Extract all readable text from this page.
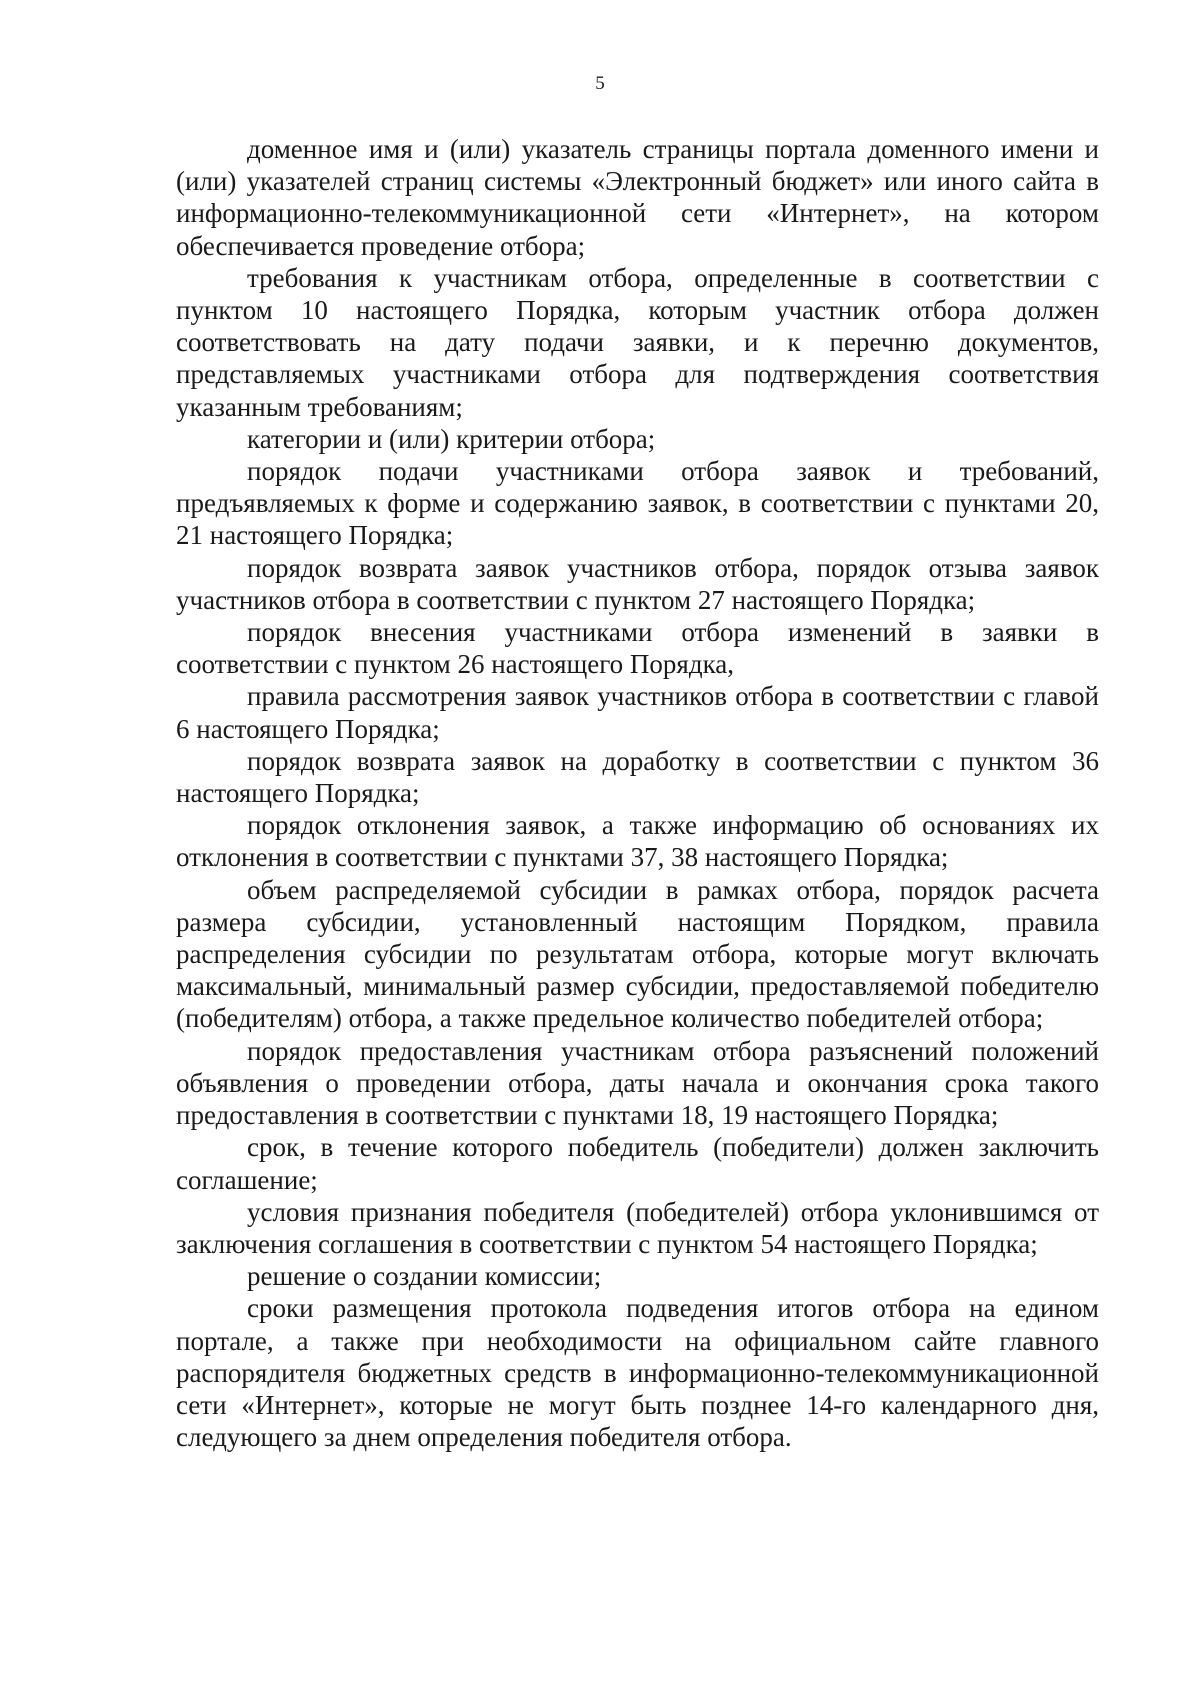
5

доменное имя и (или) указатель страницы портала доменного имени и (или) указателей страниц системы «Электронный бюджет» или иного сайта в информационно-телекоммуникационной сети «Интернет», на котором обеспечивается проведение отбора;

требования к участникам отбора, определенные в соответствии с пунктом 10 настоящего Порядка, которым участник отбора должен соответствовать на дату подачи заявки, и к перечню документов, представляемых участниками отбора для подтверждения соответствия указанным требованиям;

категории и (или) критерии отбора;

порядок подачи участниками отбора заявок и требований, предъявляемых к форме и содержанию заявок, в соответствии с пунктами 20, 21 настоящего Порядка;

порядок возврата заявок участников отбора, порядок отзыва заявок участников отбора в соответствии с пунктом 27 настоящего Порядка;

порядок внесения участниками отбора изменений в заявки в соответствии с пунктом 26 настоящего Порядка,

правила рассмотрения заявок участников отбора в соответствии с главой 6 настоящего Порядка;

порядок возврата заявок на доработку в соответствии с пунктом 36 настоящего Порядка;

порядок отклонения заявок, а также информацию об основаниях их отклонения в соответствии с пунктами 37, 38 настоящего Порядка;

объем распределяемой субсидии в рамках отбора, порядок расчета размера субсидии, установленный настоящим Порядком, правила распределения субсидии по результатам отбора, которые могут включать максимальный, минимальный размер субсидии, предоставляемой победителю (победителям) отбора, а также предельное количество победителей отбора;

порядок предоставления участникам отбора разъяснений положений объявления о проведении отбора, даты начала и окончания срока такого предоставления в соответствии с пунктами 18, 19 настоящего Порядка;

срок, в течение которого победитель (победители) должен заключить соглашение;

условия признания победителя (победителей) отбора уклонившимся от заключения соглашения в соответствии с пунктом 54 настоящего Порядка;

решение о создании комиссии;

сроки размещения протокола подведения итогов отбора на едином портале, а также при необходимости на официальном сайте главного распорядителя бюджетных средств в информационно-телекоммуникационной сети «Интернет», которые не могут быть позднее 14-го календарного дня, следующего за днем определения победителя отбора.
